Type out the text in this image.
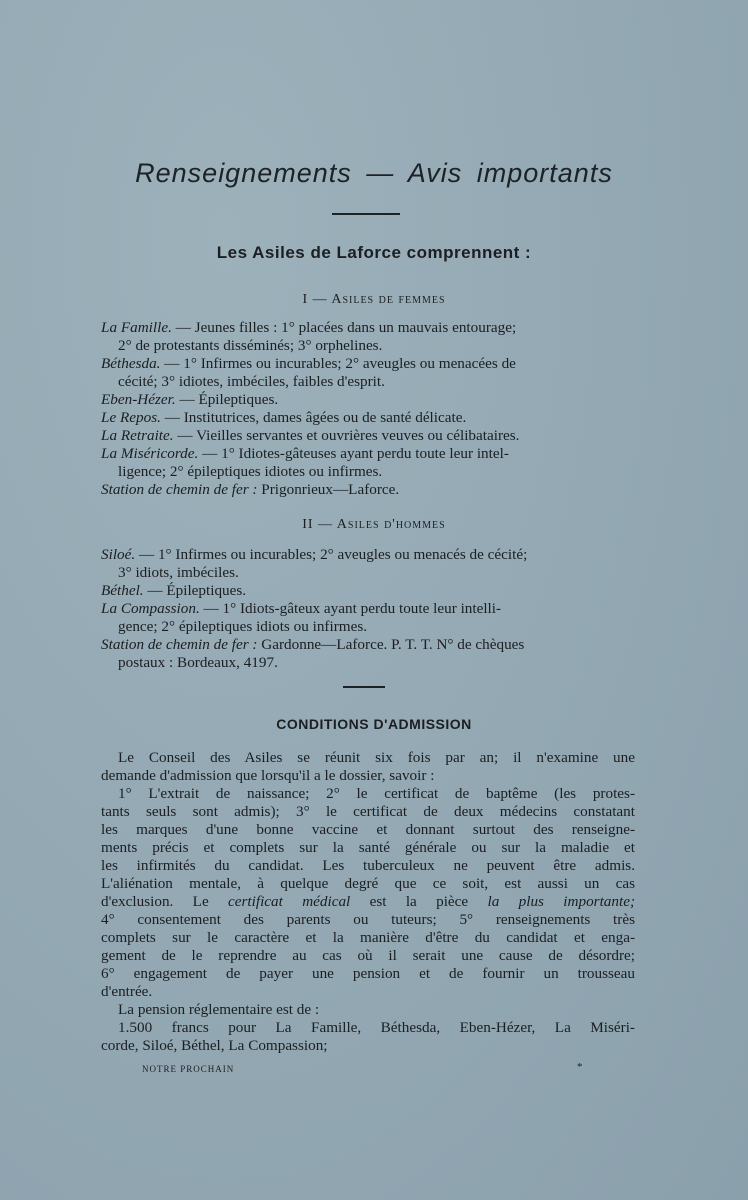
Renseignements — Avis importants
Les Asiles de Laforce comprennent :
I — Asiles de femmes
La Famille. — Jeunes filles : 1° placées dans un mauvais entourage;
2° de protestants disséminés; 3° orphelines.
Béthesda. — 1° Infirmes ou incurables; 2° aveugles ou menacées de
cécité; 3° idiotes, imbéciles, faibles d'esprit.
Eben-Hézer. — Épileptiques.
Le Repos. — Institutrices, dames âgées ou de santé délicate.
La Retraite. — Vieilles servantes et ouvrières veuves ou célibataires.
La Miséricorde. — 1° Idiotes-gâteuses ayant perdu toute leur intel-
ligence; 2° épileptiques idiotes ou infirmes.
Station de chemin de fer : Prigonrieux—Laforce.
II — Asiles d'hommes
Siloé. — 1° Infirmes ou incurables; 2° aveugles ou menacés de cécité;
3° idiots, imbéciles.
Béthel. — Épileptiques.
La Compassion. — 1° Idiots-gâteux ayant perdu toute leur intelli-
gence; 2° épileptiques idiots ou infirmes.
Station de chemin de fer : Gardonne—Laforce. P. T. T. N° de chèques
postaux : Bordeaux, 4197.
CONDITIONS D'ADMISSION
Le Conseil des Asiles se réunit six fois par an; il n'examine une
demande d'admission que lorsqu'il a le dossier, savoir :
1° L'extrait de naissance; 2° le certificat de baptême (les protes-
tants seuls sont admis); 3° le certificat de deux médecins constatant
les marques d'une bonne vaccine et donnant surtout des renseigne-
ments précis et complets sur la santé générale ou sur la maladie et
les infirmités du candidat. Les tuberculeux ne peuvent être admis.
L'aliénation mentale, à quelque degré que ce soit, est aussi un cas
d'exclusion. Le certificat médical est la pièce la plus importante;
4° consentement des parents ou tuteurs; 5° renseignements très
complets sur le caractère et la manière d'être du candidat et enga-
gement de le reprendre au cas où il serait une cause de désordre;
6° engagement de payer une pension et de fournir un trousseau
d'entrée.
La pension réglementaire est de :
1.500 francs pour La Famille, Béthesda, Eben-Hézer, La Miséri-
corde, Siloé, Béthel, La Compassion;
NOTRE PROCHAIN	*
